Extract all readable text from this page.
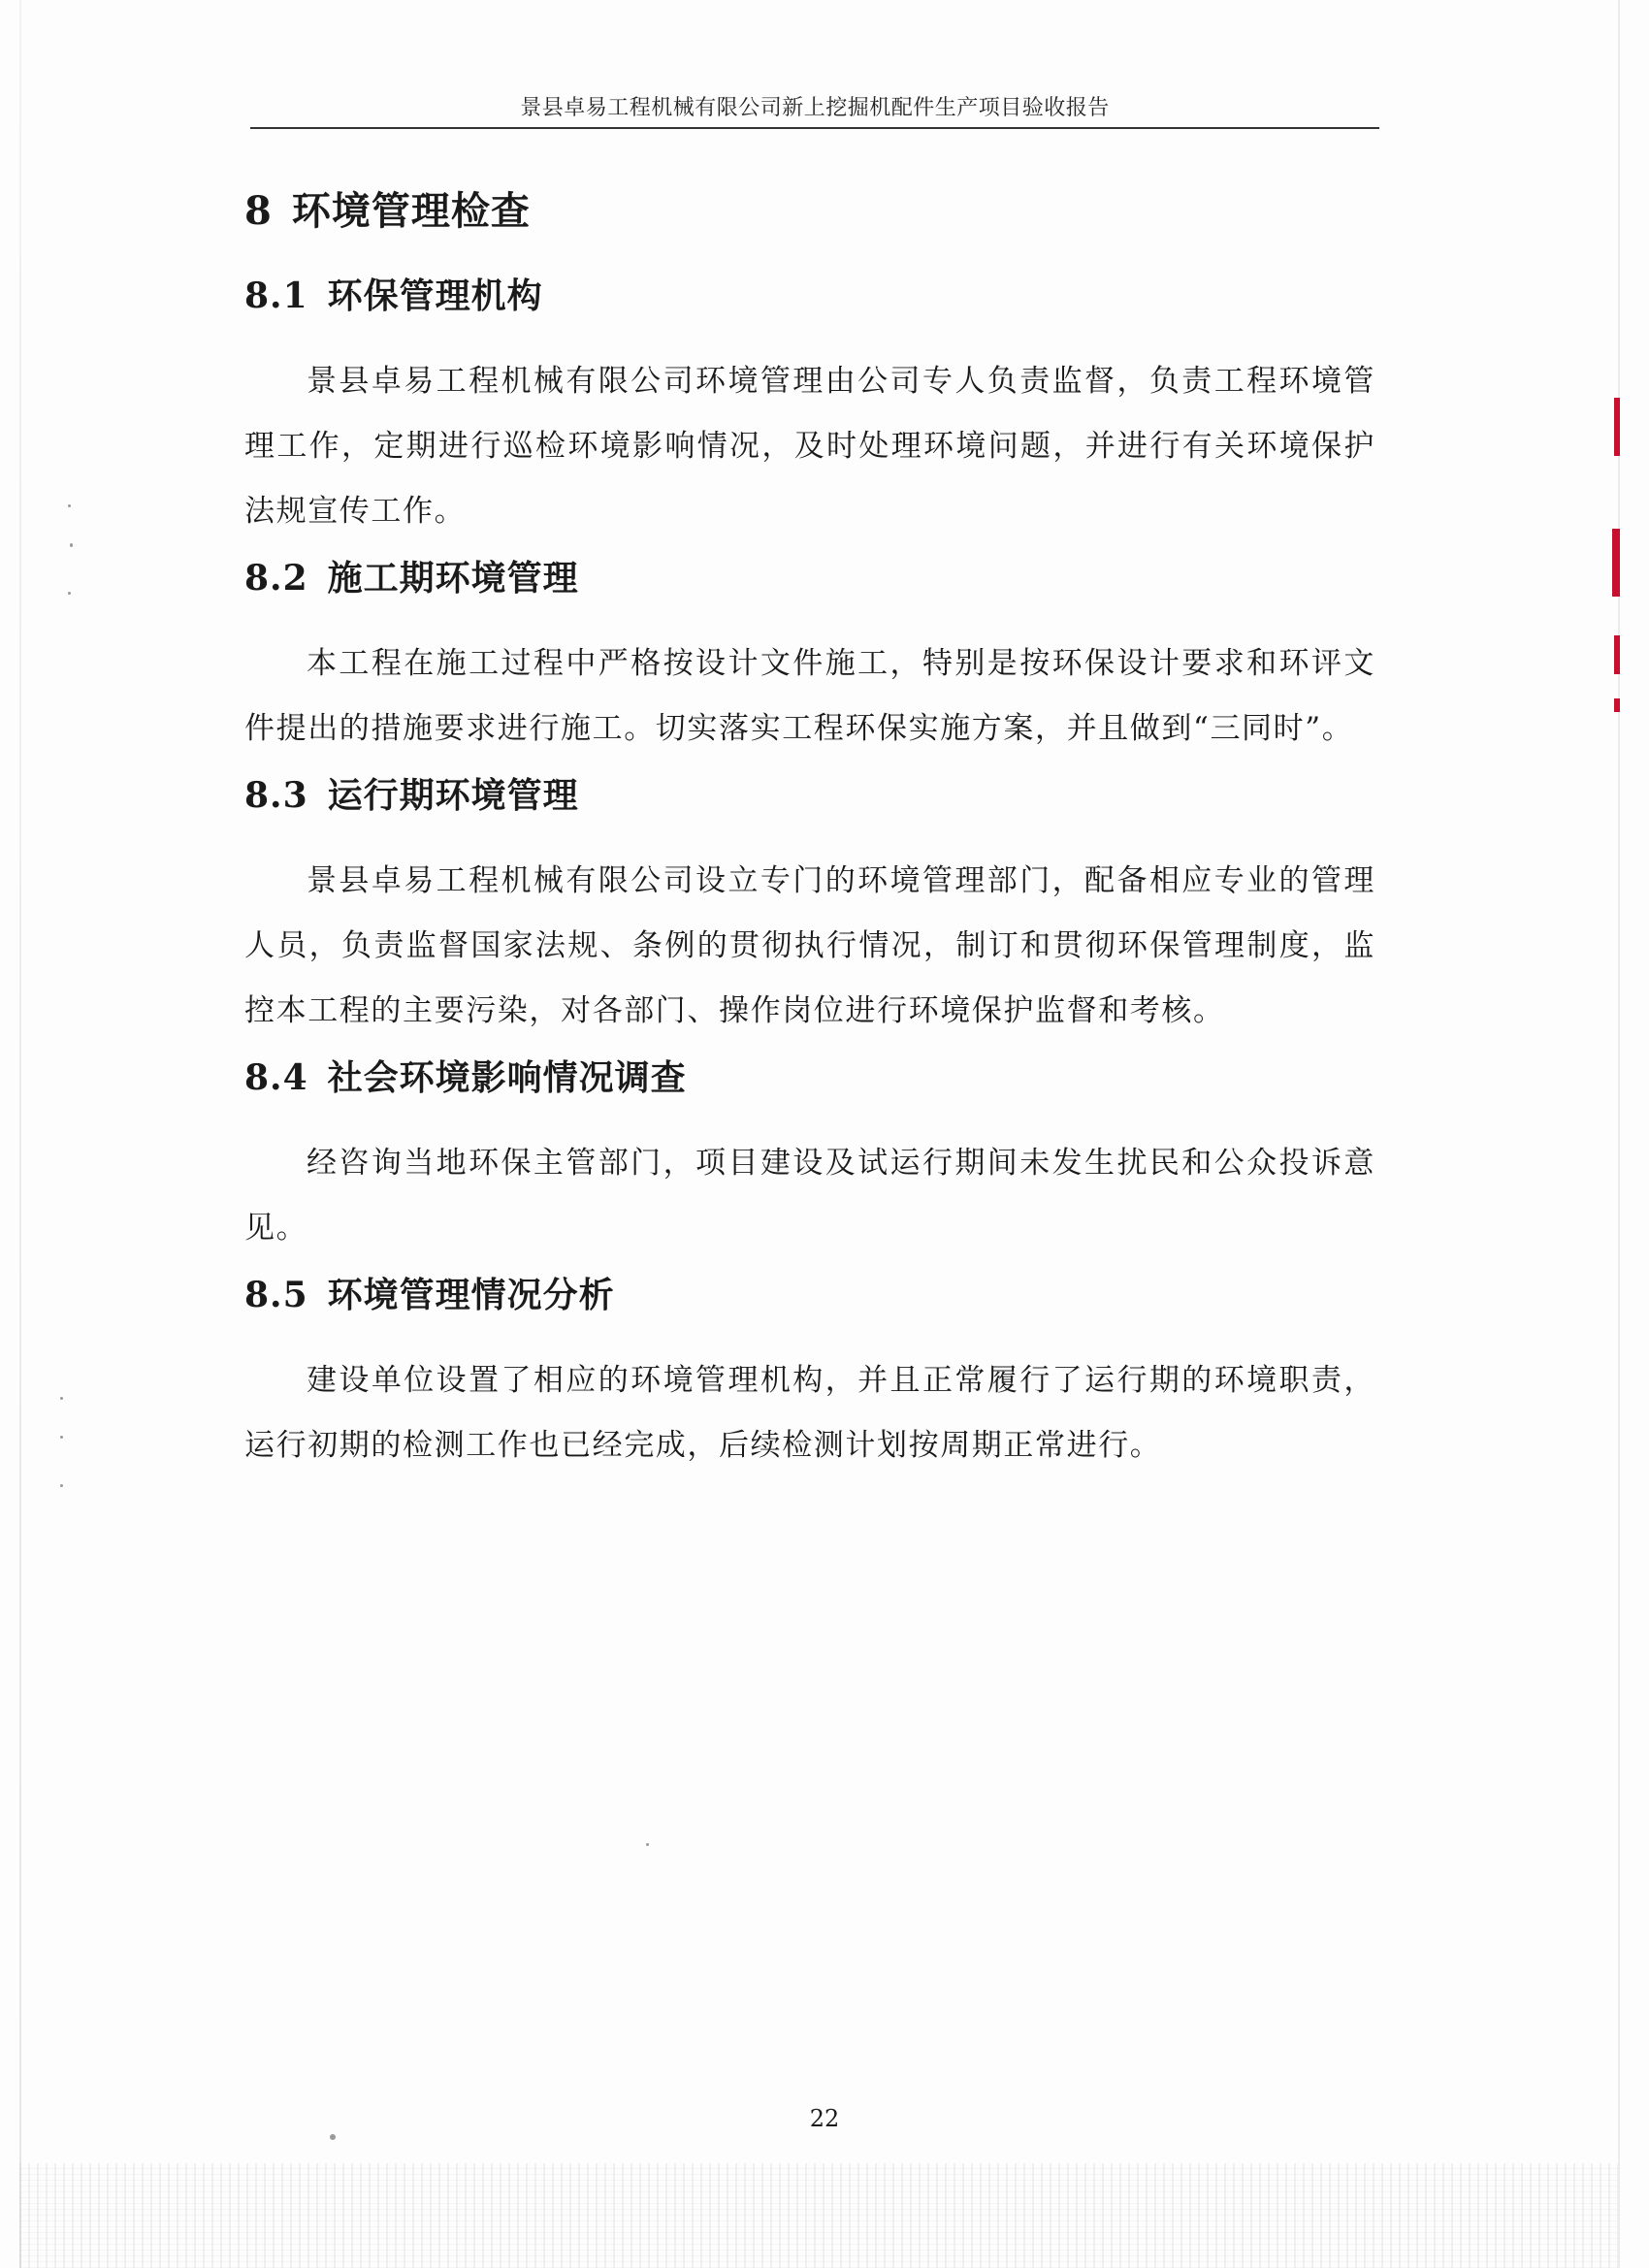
景县卓易工程机械有限公司新上挖掘机配件生产项目验收报告
8 环境管理检查
8.1 环保管理机构

景县卓易工程机械有限公司环境管理由公司专人负责监督，负责工程环境管理工作，定期进行巡检环境影响情况，及时处理环境问题，并进行有关环境保护法规宣传工作。

8.2 施工期环境管理

本工程在施工过程中严格按设计文件施工，特别是按环保设计要求和环评文件提出的措施要求进行施工。切实落实工程环保实施方案，并且做到“三同时”。

8.3 运行期环境管理

景县卓易工程机械有限公司设立专门的环境管理部门，配备相应专业的管理人员，负责监督国家法规、条例的贯彻执行情况，制订和贯彻环保管理制度，监控本工程的主要污染，对各部门、操作岗位进行环境保护监督和考核。

8.4 社会环境影响情况调查

经咨询当地环保主管部门，项目建设及试运行期间未发生扰民和公众投诉意见。

8.5 环境管理情况分析

建设单位设置了相应的环境管理机构，并且正常履行了运行期的环境职责，运行初期的检测工作也已经完成，后续检测计划按周期正常进行。

22
